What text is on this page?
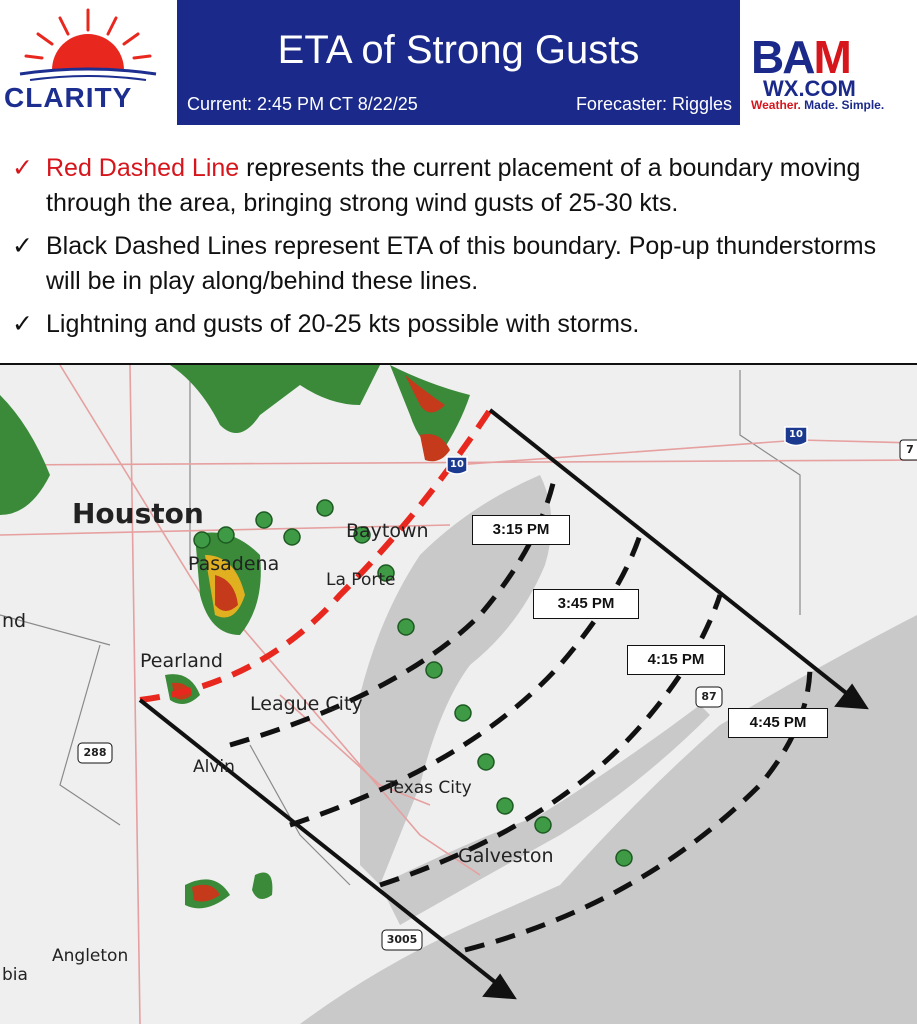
CLARITY
ETA of Strong Gusts
Current: 2:45 PM CT 8/22/25	Forecaster: Riggles
BAM
WX.COM
Weather. Made. Simple.
✓ Red Dashed Line represents the current placement of a boundary moving through the area, bringing strong wind gusts of 25-30 kts.
✓ Black Dashed Lines represent ETA of this boundary. Pop-up thunderstorms will be in play along/behind these lines.
✓ Lightning and gusts of 20-25 kts possible with storms.
3:15 PM
3:45 PM
4:15 PM
4:45 PM
Houston
Pasadena
Baytown
La Porte
Pearland
League City
Alvin
Texas City
Galveston
Angleton
nd
bia
10
10
87
288
3005
7
